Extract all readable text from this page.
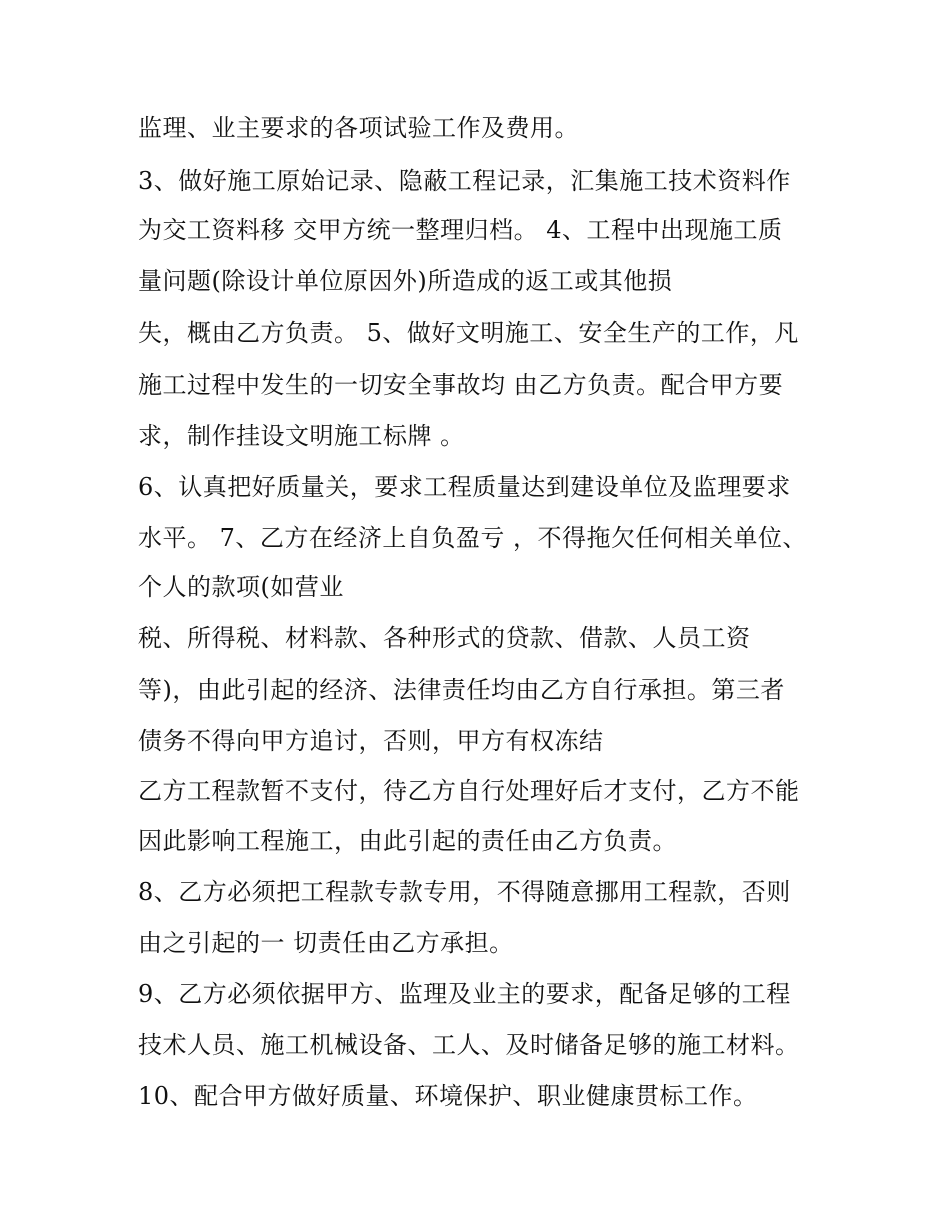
监理、业主要求的各项试验工作及费用。
3、做好施工原始记录、隐蔽工程记录，汇集施工技术资料作
为交工资料移 交甲方统一整理归档。 4、工程中出现施工质
量问题(除设计单位原因外)所造成的返工或其他损
失，概由乙方负责。 5、做好文明施工、安全生产的工作，凡
施工过程中发生的一切安全事故均 由乙方负责。配合甲方要
求，制作挂设文明施工标牌 。
6、认真把好质量关，要求工程质量达到建设单位及监理要求
水平。 7、乙方在经济上自负盈亏 ，不得拖欠任何相关单位、
个人的款项(如营业
税、所得税、材料款、各种形式的贷款、借款、人员工资
等)，由此引起的经济、法律责任均由乙方自行承担。第三者
债务不得向甲方追讨，否则，甲方有权冻结
乙方工程款暂不支付，待乙方自行处理好后才支付，乙方不能
因此影响工程施工，由此引起的责任由乙方负责。
8、乙方必须把工程款专款专用，不得随意挪用工程款，否则
由之引起的一 切责任由乙方承担。
9、乙方必须依据甲方、监理及业主的要求，配备足够的工程
技术人员、施工机械设备、工人、及时储备足够的施工材料。
10、配合甲方做好质量、环境保护、职业健康贯标工作。
